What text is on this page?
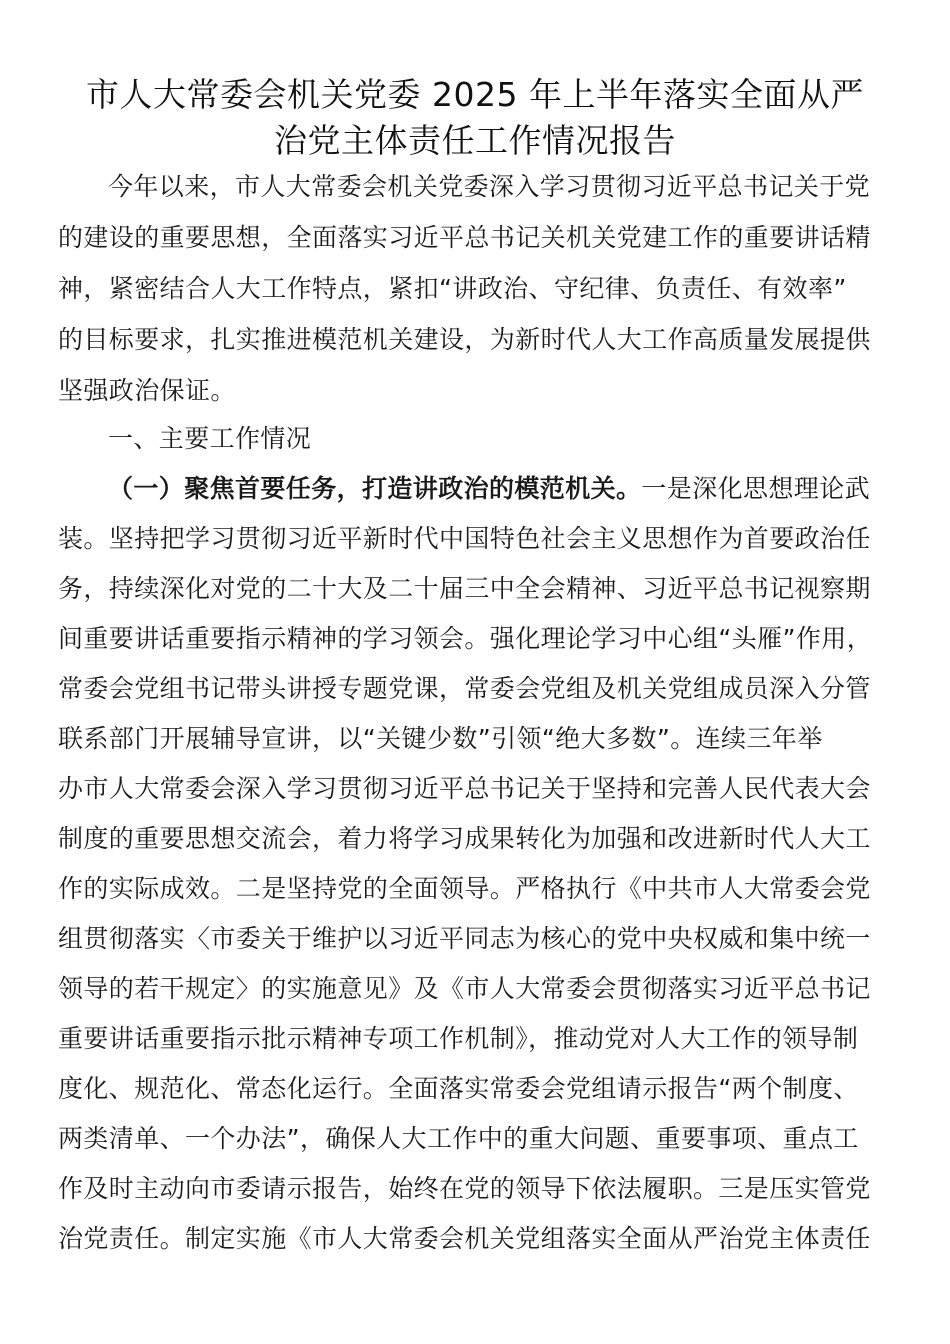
市人大常委会机关党委 2025 年上半年落实全面从严
治党主体责任工作情况报告
今年以来，市人大常委会机关党委深入学习贯彻习近平总书记关于党
的建设的重要思想，全面落实习近平总书记关机关党建工作的重要讲话精
神，紧密结合人大工作特点，紧扣“讲政治、守纪律、负责任、有效率”
的目标要求，扎实推进模范机关建设，为新时代人大工作高质量发展提供
坚强政治保证。
一、主要工作情况
（一）聚焦首要任务，打造讲政治的模范机关。一是深化思想理论武
装。坚持把学习贯彻习近平新时代中国特色社会主义思想作为首要政治任
务，持续深化对党的二十大及二十届三中全会精神、习近平总书记视察期
间重要讲话重要指示精神的学习领会。强化理论学习中心组“头雁”作用，
常委会党组书记带头讲授专题党课，常委会党组及机关党组成员深入分管
联系部门开展辅导宣讲，以“关键少数”引领“绝大多数”。连续三年举
办市人大常委会深入学习贯彻习近平总书记关于坚持和完善人民代表大会
制度的重要思想交流会，着力将学习成果转化为加强和改进新时代人大工
作的实际成效。二是坚持党的全面领导。严格执行《中共市人大常委会党
组贯彻落实〈市委关于维护以习近平同志为核心的党中央权威和集中统一
领导的若干规定〉的实施意见》及《市人大常委会贯彻落实习近平总书记
重要讲话重要指示批示精神专项工作机制》，推动党对人大工作的领导制
度化、规范化、常态化运行。全面落实常委会党组请示报告“两个制度、
两类清单、一个办法”，确保人大工作中的重大问题、重要事项、重点工
作及时主动向市委请示报告，始终在党的领导下依法履职。三是压实管党
治党责任。制定实施《市人大常委会机关党组落实全面从严治党主体责任
